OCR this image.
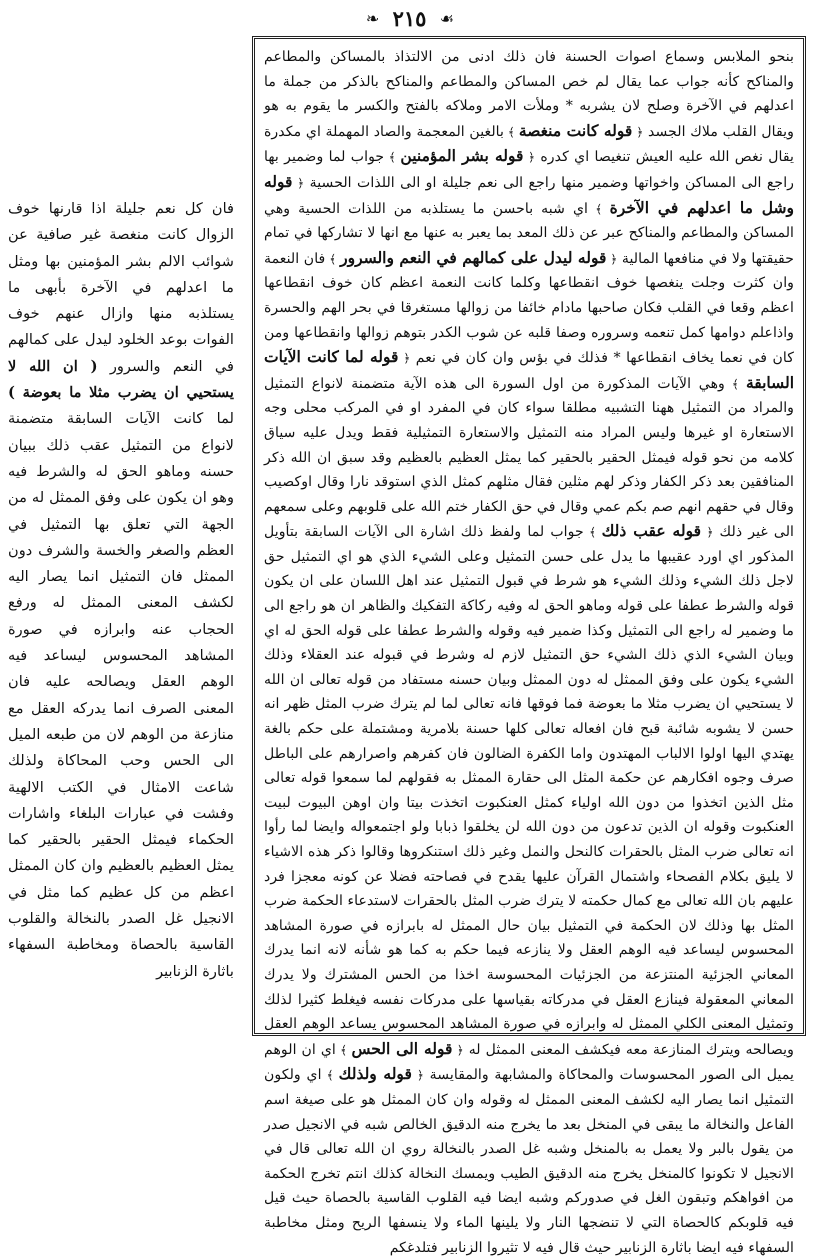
❧ ٢١٥ ☙

بنحو الملابس وسماع اصوات الحسنة فان ذلك ادنى من الالتذاذ بالمساكن والمطاعم والمناكح كأنه جواب عما يقال لم خص المساكن والمطاعم والمناكح بالذكر من جملة ما اعدلهم في الآخرة وصلح لان يشربه * وملأت الامر وملاكه بالفتح والكسر ما يقوم به هو ويقال القلب ملاك الجسد ﴿ قوله كانت منغصة ﴾ بالغين المعجمة والصاد المهملة اي مكدرة يقال نغص الله عليه العيش تنغيصا اي كدره ﴿ قوله بشر المؤمنين ﴾ جواب لما وضمير بها راجع الى المساكن واخواتها وضمير منها راجع الى نعم جليلة او الى اللذات الحسية ﴿ قوله وشل ما اعدلهم في الآخرة ﴾ اي شبه باحسن ما يستلذبه من اللذات الحسية وهي المساكن والمطاعم والمناكح عبر عن ذلك المعد بما يعبر به عنها مع انها لا تشاركها في تمام حقيقتها ولا في منافعها المالية ﴿ قوله ليدل على كمالهم في النعم والسرور ﴾ فان النعمة وان كثرت وجلت ينغصها خوف انقطاعها وكلما كانت النعمة اعظم كان خوف انقطاعها اعظم وقعا في القلب فكان صاحبها مادام خائفا من زوالها مستغرقا في بحر الهم والحسرة واذاعلم دوامها كمل تنعمه وسروره وصفا قلبه عن شوب الكدر بتوهم زوالها وانقطاعها ومن كان في نعما يخاف انقطاعها * فذلك في بؤس وان كان في نعم ﴿ قوله لما كانت الآيات السابقة ﴾ وهي الآيات المذكورة من اول السورة الى هذه الآية متضمنة لانواع التمثيل والمراد من التمثيل ههنا التشبيه مطلقا سواء كان في المفرد او في المركب محلى وجه الاستعارة او غيرها وليس المراد منه التمثيل والاستعارة التمثيلية فقط ويدل عليه سياق كلامه من نحو قوله فيمثل الحقير بالحقير كما يمثل العظيم بالعظيم وقد سبق ان الله ذكر المنافقين بعد ذكر الكفار وذكر لهم مثلين فقال مثلهم كمثل الذي استوقد نارا وقال اوكصيب وقال في حقهم انهم صم بكم عمي وقال في حق الكفار ختم الله على قلوبهم وعلى سمعهم الى غير ذلك ﴿ قوله عقب ذلك ﴾ جواب لما ولفظ ذلك اشارة الى الآيات السابقة بتأويل المذكور اي اورد عقيبها ما يدل على حسن التمثيل وعلى الشيء الذي هو اي التمثيل حق لاجل ذلك الشيء وذلك الشيء هو شرط في قبول التمثيل عند اهل اللسان على ان يكون قوله والشرط عطفا على قوله وماهو الحق له وفيه ركاكة التفكيك والظاهر ان هو راجع الى ما وضمير له راجع الى التمثيل وكذا ضمير فيه وقوله والشرط عطفا على قوله الحق له اي وبيان الشيء الذي ذلك الشيء حق التمثيل لازم له وشرط في قبوله عند العقلاء وذلك الشيء يكون على وفق الممثل له دون الممثل وبيان حسنه مستفاد من قوله تعالى ان الله لا يستحيي ان يضرب مثلا ما بعوضة فما فوقها فانه تعالى لما لم يترك ضرب المثل ظهر انه حسن لا يشوبه شائبة قبح فان افعاله تعالى كلها حسنة بلامرية ومشتملة على حكم بالغة يهتدي اليها اولوا الالباب المهتدون واما الكفرة الضالون فان كفرهم واصرارهم على الباطل صرف وجوه افكارهم عن حكمة المثل الى حقارة الممثل به فقولهم لما سمعوا قوله تعالى مثل الذين اتخذوا من دون الله اولياء كمثل العنكبوت اتخذت بيتا وان اوهن البيوت لبيت العنكبوت وقوله ان الذين تدعون من دون الله لن يخلقوا ذبابا ولو اجتمعواله وايضا لما رأوا انه تعالى ضرب المثل بالحقرات كالنحل والنمل وغير ذلك استنكروها وقالوا ذكر هذه الاشياء لا يليق بكلام الفصحاء واشتمال القرآن عليها يقدح في فصاحته فضلا عن كونه معجزا فرد عليهم بان الله تعالى مع كمال حكمته لا يترك ضرب المثل بالحقرات لاستدعاء الحكمة ضرب المثل بها وذلك لان الحكمة في التمثيل بيان حال الممثل له بابرازه في صورة المشاهد المحسوس ليساعد فيه الوهم العقل ولا ينازعه فيما حكم به كما هو شأنه لانه انما يدرك المعاني الجزئية المنتزعة من الجزئيات المحسوسة اخذا من الحس المشترك ولا يدرك المعاني المعقولة فينازع العقل في مدركاته بقياسها على مدركات نفسه فيغلط كثيرا لذلك وتمثيل المعنى الكلي الممثل له وابرازه في صورة المشاهد المحسوس يساعد الوهم العقل ويصالحه ويترك المنازعة معه فيكشف المعنى الممثل له ﴿ قوله الى الحس ﴾ اي ان الوهم يميل الى الصور المحسوسات والمحاكاة والمشابهة والمقايسة ﴿ قوله ولذلك ﴾ اي ولكون التمثيل انما يصار اليه لكشف المعنى الممثل له وقوله وان كان الممثل هو على صيغة اسم الفاعل والنخالة ما يبقى في المنخل بعد ما يخرج منه الدقيق الخالص شبه في الانجيل صدر من يقول بالبر ولا يعمل به بالمنخل وشبه غل الصدر بالنخالة روي ان الله تعالى قال في الانجيل لا تكونوا كالمنخل يخرج منه الدقيق الطيب ويمسك النخالة كذلك انتم تخرج الحكمة من افواهكم وتبقون الغل في صدوركم وشبه ايضا فيه القلوب القاسية بالحصاة حيث قيل فيه قلوبكم كالحصاة التي لا تنضجها النار ولا يلينها الماء ولا ينسفها الريح ومثل مخاطبة السفهاء فيه ايضا باثارة الزنابير حيث قال فيه لا تثيروا الزنابير فتلدغكم

فان كل نعم جليلة اذا قارنها خوف الزوال كانت منغصة غير صافية عن شوائب الالم بشر المؤمنين بها ومثل ما اعدلهم في الآخرة بأبهى ما يستلذبه منها وازال عنهم خوف الفوات بوعد الخلود ليدل على كمالهم في النعم والسرور ( ان الله لا يستحيي ان يضرب مثلا ما بعوضة ) لما كانت الآيات السابقة متضمنة لانواع من التمثيل عقب ذلك ببيان حسنه وماهو الحق له والشرط فيه وهو ان يكون على وفق الممثل له من الجهة التي تعلق بها التمثيل في العظم والصغر والخسة والشرف دون الممثل فان التمثيل انما يصار اليه لكشف المعنى الممثل له ورفع الحجاب عنه وابرازه في صورة المشاهد المحسوس ليساعد فيه الوهم العقل ويصالحه عليه فان المعنى الصرف انما يدركه العقل مع منازعة من الوهم لان من طبعه الميل الى الحس وحب المحاكاة ولذلك شاعت الامثال في الكتب الالهية وفشت في عبارات البلغاء واشارات الحكماء فيمثل الحقير بالحقير كما يمثل العظيم بالعظيم وان كان الممثل اعظم من كل عظيم كما مثل في الانجيل غل الصدر بالنخالة والقلوب القاسية بالحصاة ومخاطبة السفهاء باثارة الزنابير
